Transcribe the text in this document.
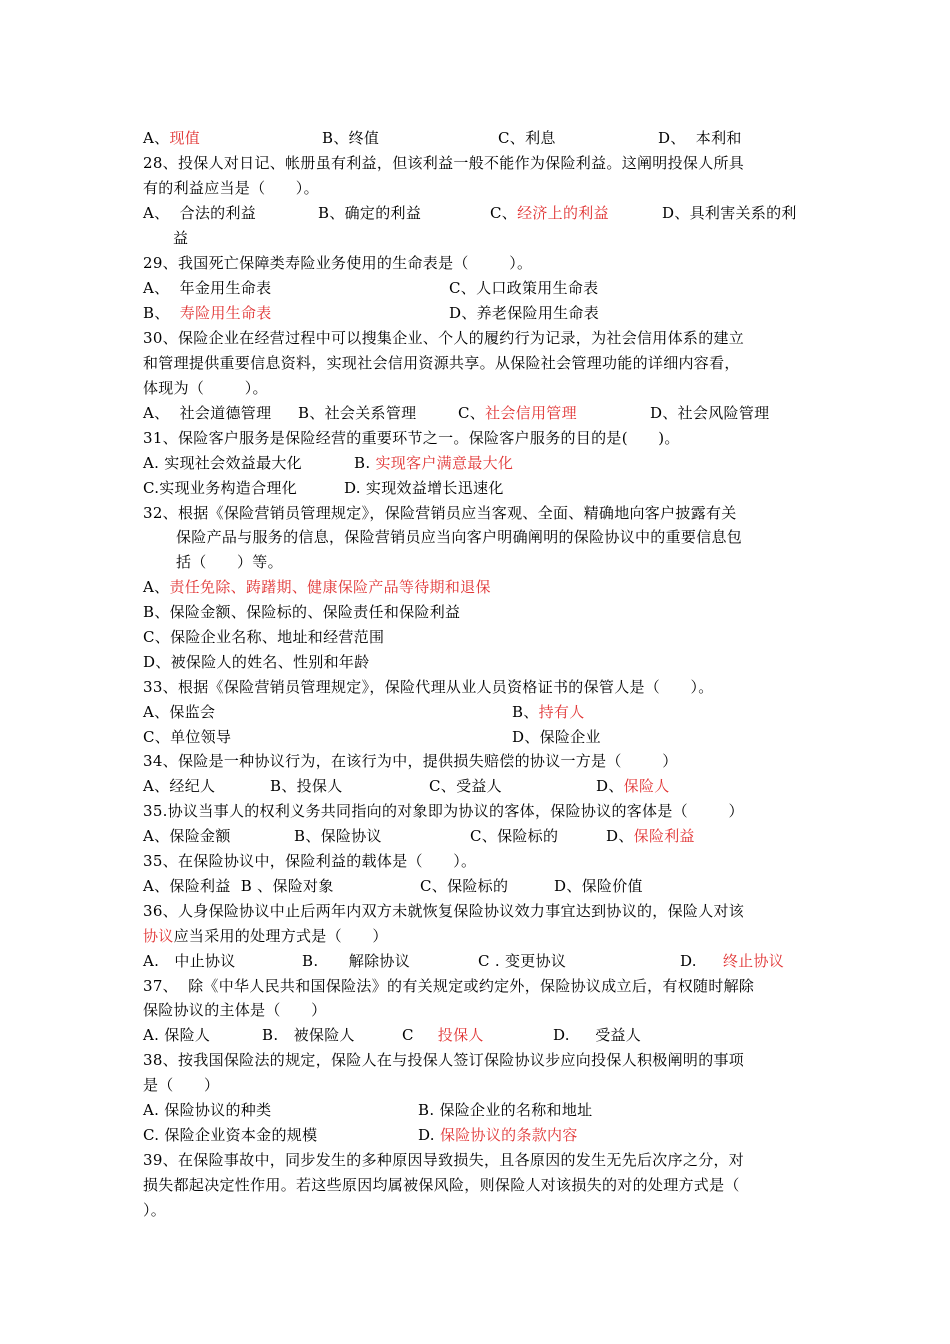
A、现值	B、终值	C、利息	D、  本利和
28、投保人对日记、帐册虽有利益，但该利益一般不能作为保险利益。这阐明投保人所具
有的利益应当是（      ）。
A、  合法的利益	B、确定的利益	C、经济上的利益	D、具利害关系的利
益
29、我国死亡保障类寿险业务使用的生命表是（        ）。
A、  年金用生命表	C、人口政策用生命表
B、  寿险用生命表	D、养老保险用生命表
30、保险企业在经营过程中可以搜集企业、个人的履约行为记录，为社会信用体系的建立
和管理提供重要信息资料，实现社会信用资源共享。从保险社会管理功能的详细内容看，
体现为（        ）。
A、  社会道德管理 B、社会关系管理	C、社会信用管理	D、社会风险管理
31、保险客户服务是保险经营的重要环节之一。保险客户服务的目的是(      )。
A. 实现社会效益最大化	B. 实现客户满意最大化
C.实现业务构造合理化	D. 实现效益增长迅速化
32、根据《保险营销员管理规定》，保险营销员应当客观、全面、精确地向客户披露有关
保险产品与服务的信息，保险营销员应当向客户明确阐明的保险协议中的重要信息包
括（      ）等。
A、责任免除、踌躇期、健康保险产品等待期和退保
B、保险金额、保险标的、保险责任和保险利益
C、保险企业名称、地址和经营范围
D、被保险人的姓名、性别和年龄
33、根据《保险营销员管理规定》，保险代理从业人员资格证书的保管人是（      ）。
A、保监会	B、持有人
C、单位领导	D、保险企业
34、保险是一种协议行为，在该行为中，提供损失赔偿的协议一方是（        ）
A、经纪人	B、投保人	C、受益人	D、保险人
35.协议当事人的权利义务共同指向的对象即为协议的客体，保险协议的客体是（        ）
A、保险金额	B、保险协议	C、保险标的	D、保险利益
35、在保险协议中，保险利益的载体是（      ）。
A、保险利益  B 、保险对象	C、保险标的	D、保险价值
36、人身保险协议中止后两年内双方未就恢复保险协议效力事宜达到协议的，保险人对该
协议应当采用的处理方式是（      ）
A.   中止协议	B.      解除协议	C . 变更协议	D. 终止协议
37、  除《中华人民共和国保险法》的有关规定或约定外，保险协议成立后，有权随时解除
保险协议的主体是（      ）
A. 保险人	B.   被保险人	C 投保人	D.     受益人
38、按我国保险法的规定，保险人在与投保人签订保险协议步应向投保人积极阐明的事项
是（      ）
A. 保险协议的种类	B. 保险企业的名称和地址
C. 保险企业资本金的规模	D. 保险协议的条款内容
39、在保险事故中，同步发生的多种原因导致损失，且各原因的发生无先后次序之分，对
损失都起决定性作用。若这些原因均属被保风险，则保险人对该损失的对的处理方式是（
）。
